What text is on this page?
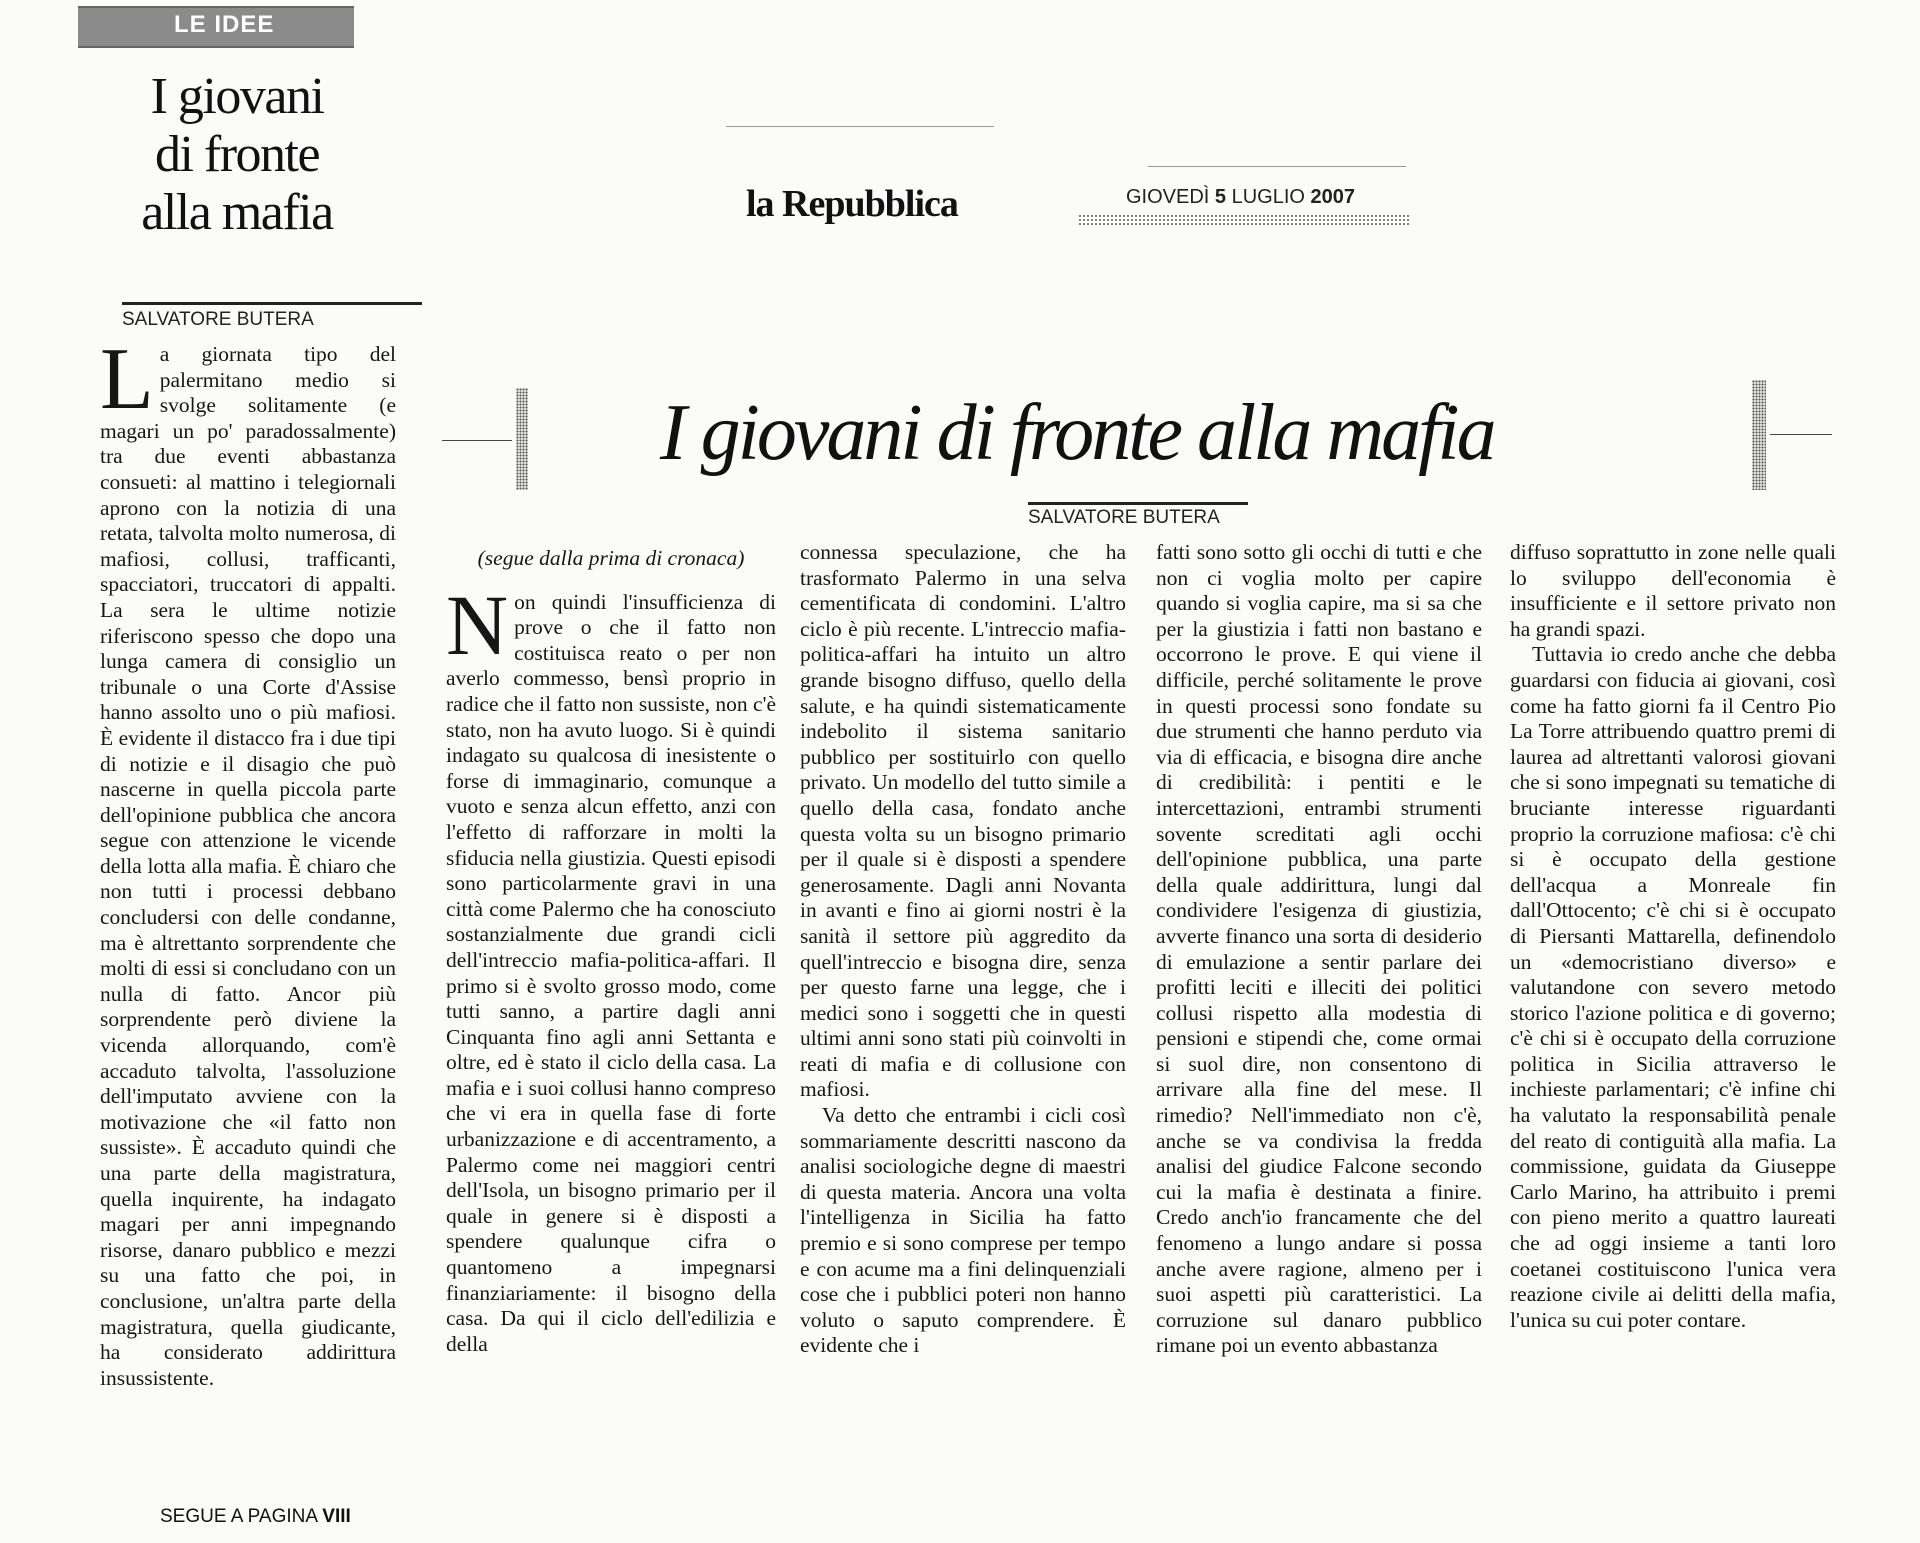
LE IDEE
I giovani
di fronte
alla mafia
SALVATORE BUTERA
L a giornata tipo del palermitano medio si svolge solitamente (e magari un po' paradossalmente) tra due eventi abbastanza consueti: al mattino i telegiornali aprono con la notizia di una retata, talvolta molto numerosa, di mafiosi, collusi, trafficanti, spacciatori, truccatori di appalti. La sera le ultime notizie riferiscono spesso che dopo una lunga camera di consiglio un tribunale o una Corte d'Assise hanno assolto uno o più mafiosi. È evidente il distacco fra i due tipi di notizie e il disagio che può nascerne in quella piccola parte dell'opinione pubblica che ancora segue con attenzione le vicende della lotta alla mafia. È chiaro che non tutti i processi debbano concludersi con delle condanne, ma è altrettanto sorprendente che molti di essi si concludano con un nulla di fatto. Ancor più sorprendente però diviene la vicenda allorquando, com'è accaduto talvolta, l'assoluzione dell'imputato avviene con la motivazione che «il fatto non sussiste». È accaduto quindi che una parte della magistratura, quella inquirente, ha indagato magari per anni impegnando risorse, danaro pubblico e mezzi su una fatto che poi, in conclusione, un'altra parte della magistratura, quella giudicante, ha considerato addirittura insussistente.
SEGUE A PAGINA VIII
la Repubblica	GIOVEDÌ 5 LUGLIO 2007
I giovani di fronte alla mafia
SALVATORE BUTERA
(segue dalla prima di cronaca)

Non quindi l'insufficienza di prove o che il fatto non costituisca reato o per non averlo commesso, bensì proprio in radice che il fatto non sussiste, non c'è stato, non ha avuto luogo. Si è quindi indagato su qualcosa di inesistente o forse di immaginario, comunque a vuoto e senza alcun effetto, anzi con l'effetto di rafforzare in molti la sfiducia nella giustizia. Questi episodi sono particolarmente gravi in una città come Palermo che ha conosciuto sostanzialmente due grandi cicli dell'intreccio mafia-politica-affari. Il primo si è svolto grosso modo, come tutti sanno, a partire dagli anni Cinquanta fino agli anni Settanta e oltre, ed è stato il ciclo della casa. La mafia e i suoi collusi hanno compreso che vi era in quella fase di forte urbanizzazione e di accentramento, a Palermo come nei maggiori centri dell'Isola, un bisogno primario per il quale in genere si è disposti a spendere qualunque cifra o quantomeno a impegnarsi finanziariamente: il bisogno della casa. Da qui il ciclo dell'edilizia e della

connessa speculazione, che ha trasformato Palermo in una selva cementificata di condomini. L'altro ciclo è più recente. L'intreccio mafia-politica-affari ha intuito un altro grande bisogno diffuso, quello della salute, e ha quindi sistematicamente indebolito il sistema sanitario pubblico per sostituirlo con quello privato. Un modello del tutto simile a quello della casa, fondato anche questa volta su un bisogno primario per il quale si è disposti a spendere generosamente. Dagli anni Novanta in avanti e fino ai giorni nostri è la sanità il settore più aggredito da quell'intreccio e bisogna dire, senza per questo farne una legge, che i medici sono i soggetti che in questi ultimi anni sono stati più coinvolti in reati di mafia e di collusione con mafiosi.

Va detto che entrambi i cicli così sommariamente descritti nascono da analisi sociologiche degne di maestri di questa materia. Ancora una volta l'intelligenza in Sicilia ha fatto premio e si sono comprese per tempo e con acume ma a fini delinquenziali cose che i pubblici poteri non hanno voluto o saputo comprendere. È evidente che i

fatti sono sotto gli occhi di tutti e che non ci voglia molto per capire quando si voglia capire, ma si sa che per la giustizia i fatti non bastano e occorrono le prove. E qui viene il difficile, perché solitamente le prove in questi processi sono fondate su due strumenti che hanno perduto via via di efficacia, e bisogna dire anche di credibilità: i pentiti e le intercettazioni, entrambi strumenti sovente screditati agli occhi dell'opinione pubblica, una parte della quale addirittura, lungi dal condividere l'esigenza di giustizia, avverte financo una sorta di desiderio di emulazione a sentir parlare dei profitti leciti e illeciti dei politici collusi rispetto alla modestia di pensioni e stipendi che, come ormai si suol dire, non consentono di arrivare alla fine del mese. Il rimedio? Nell'immediato non c'è, anche se va condivisa la fredda analisi del giudice Falcone secondo cui la mafia è destinata a finire. Credo anch'io francamente che del fenomeno a lungo andare si possa anche avere ragione, almeno per i suoi aspetti più caratteristici. La corruzione sul danaro pubblico rimane poi un evento abbastanza

diffuso soprattutto in zone nelle quali lo sviluppo dell'economia è insufficiente e il settore privato non ha grandi spazi.

Tuttavia io credo anche che debba guardarsi con fiducia ai giovani, così come ha fatto giorni fa il Centro Pio La Torre attribuendo quattro premi di laurea ad altrettanti valorosi giovani che si sono impegnati su tematiche di bruciante interesse riguardanti proprio la corruzione mafiosa: c'è chi si è occupato della gestione dell'acqua a Monreale fin dall'Ottocento; c'è chi si è occupato di Piersanti Mattarella, definendolo un «democristiano diverso» e valutandone con severo metodo storico l'azione politica e di governo; c'è chi si è occupato della corruzione politica in Sicilia attraverso le inchieste parlamentari; c'è infine chi ha valutato la responsabilità penale del reato di contiguità alla mafia. La commissione, guidata da Giuseppe Carlo Marino, ha attribuito i premi con pieno merito a quattro laureati che ad oggi insieme a tanti loro coetanei costituiscono l'unica vera reazione civile ai delitti della mafia, l'unica su cui poter contare.
